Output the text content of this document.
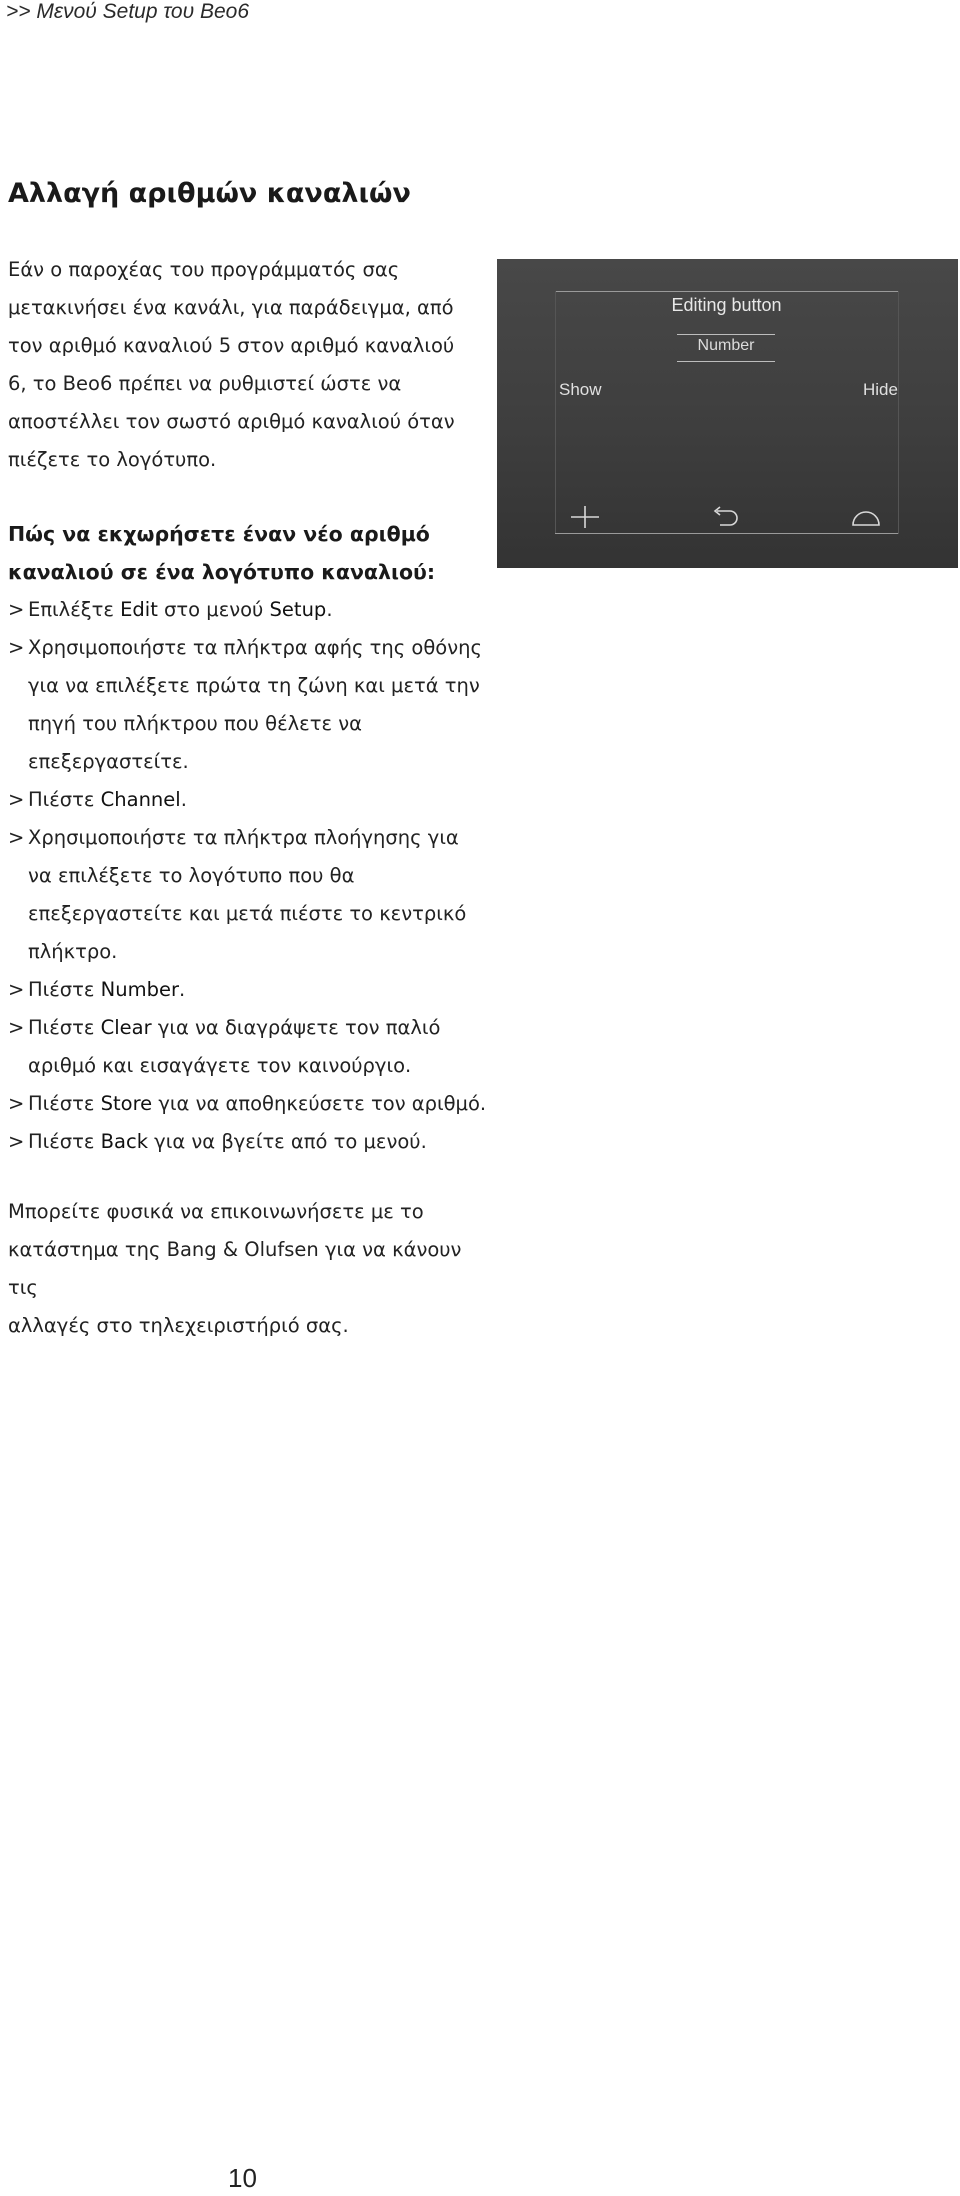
>> Μενού Setup του Beo6
Αλλαγή αριθμών καναλιών
Εάν ο παροχέας του προγράμματός σας
μετακινήσει ένα κανάλι, για παράδειγμα, από
τον αριθμό καναλιού 5 στον αριθμό καναλιού
6, το Beo6 πρέπει να ρυθμιστεί ώστε να
αποστέλλει τον σωστό αριθμό καναλιού όταν
πιέζετε το λογότυπο.
Πώς να εκχωρήσετε έναν νέο αριθμό
καναλιού σε ένα λογότυπο καναλιού:
> Επιλέξτε Edit στο μενού Setup.
> Χρησιμοποιήστε τα πλήκτρα αφής της οθόνης
για να επιλέξετε πρώτα τη ζώνη και μετά την
πηγή του πλήκτρου που θέλετε να
επεξεργαστείτε.
> Πιέστε Channel.
> Χρησιμοποιήστε τα πλήκτρα πλοήγησης για
να επιλέξετε το λογότυπο που θα
επεξεργαστείτε και μετά πιέστε το κεντρικό
πλήκτρο.
> Πιέστε Number.
> Πιέστε Clear για να διαγράψετε τον παλιό
αριθμό και εισαγάγετε τον καινούργιο.
> Πιέστε Store για να αποθηκεύσετε τον αριθμό.
> Πιέστε Back για να βγείτε από το μενού.
Μπορείτε φυσικά να επικοινωνήσετε με το
κατάστημα της Bang & Olufsen για να κάνουν τις
αλλαγές στο τηλεχειριστήριό σας.
Editing button
Number
Show	Hide
10
